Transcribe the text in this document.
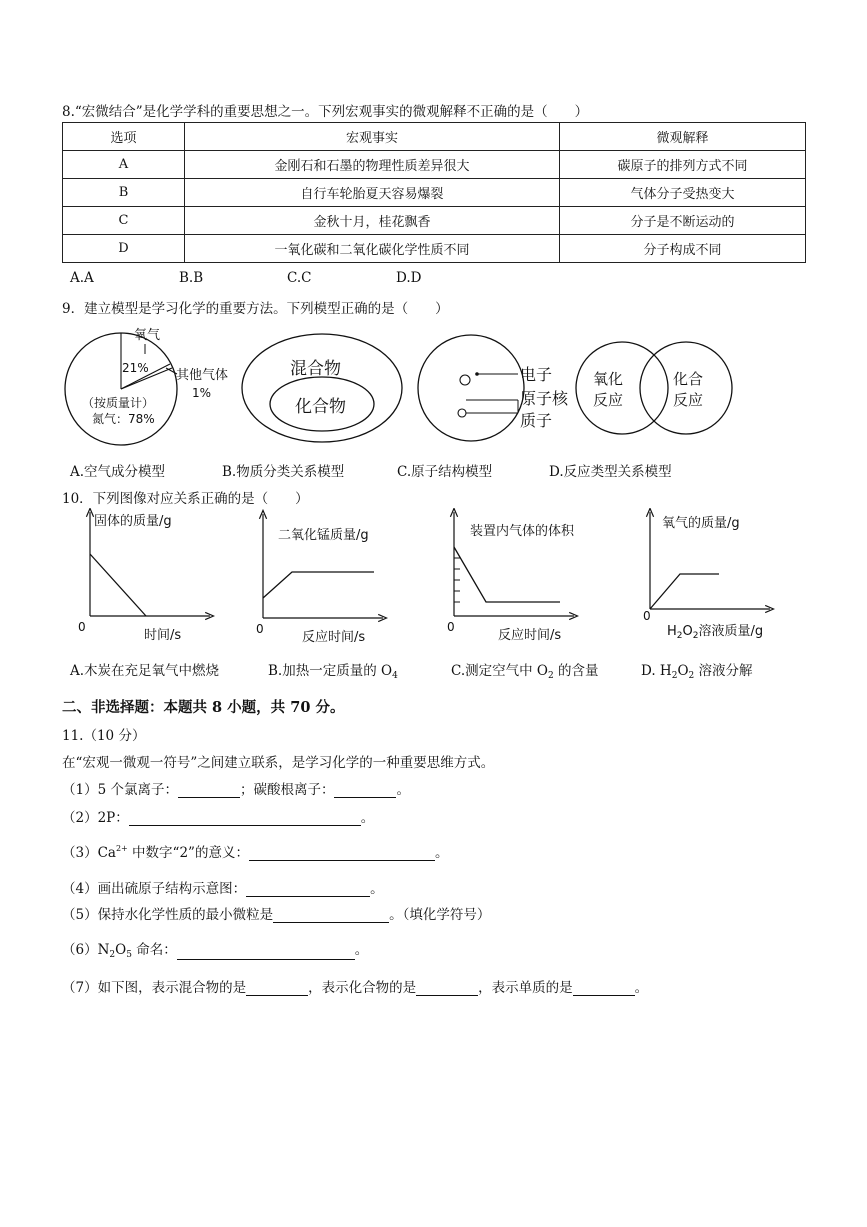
8.“宏微结合”是化学学科的重要思想之一。下列宏观事实的微观解释不正确的是（　　）
选项	宏观事实	微观解释
A	金刚石和石墨的物理性质差异很大	碳原子的排列方式不同
B	自行车轮胎夏天容易爆裂	气体分子受热变大
C	金秋十月，桂花飘香	分子是不断运动的
D	一氧化碳和二氧化碳化学性质不同	分子构成不同
A.A	B.B	C.C	D.D
9．建立模型是学习化学的重要方法。下列模型正确的是（　　）
氧气
21% 其他气体
1%
（按质量计）
氮气：78%
混合物
化合物
电子
原子核
质子
氧化
反应
化合
反应
A.空气成分模型	B.物质分类关系模型	C.原子结构模型	D.反应类型关系模型
10．下列图像对应关系正确的是（　　）
固体的质量/g
时间/s
0
二氧化锰质量/g
反应时间/s
0
装置内气体的体积
反应时间/s
0
氧气的质量/g
$H_2O_2$溶液质量/g
0
A.木炭在充足氧气中燃烧	B.加热一定质量的 $O_4$	C.测定空气中 $O_2$ 的含量	D. $H_2O_2$ 溶液分解
二、非选择题：本题共 8 小题，共 70 分。
11.（10 分）
在“宏观一微观一符号”之间建立联系，是学习化学的一种重要思维方式。
（1）5 个氯离子：	；碳酸根离子：	。
（2）2P：	。
$(3)Ca^{2+}$ 中数字“2”的意义：	。
（4）画出硫原子结构示意图：	。
（5）保持水化学性质的最小微粒是	。（填化学符号）
$(6)N_2O_5$ 命名：	。
（7）如下图，表示混合物的是	，表示化合物的是	，表示单质的是	。
